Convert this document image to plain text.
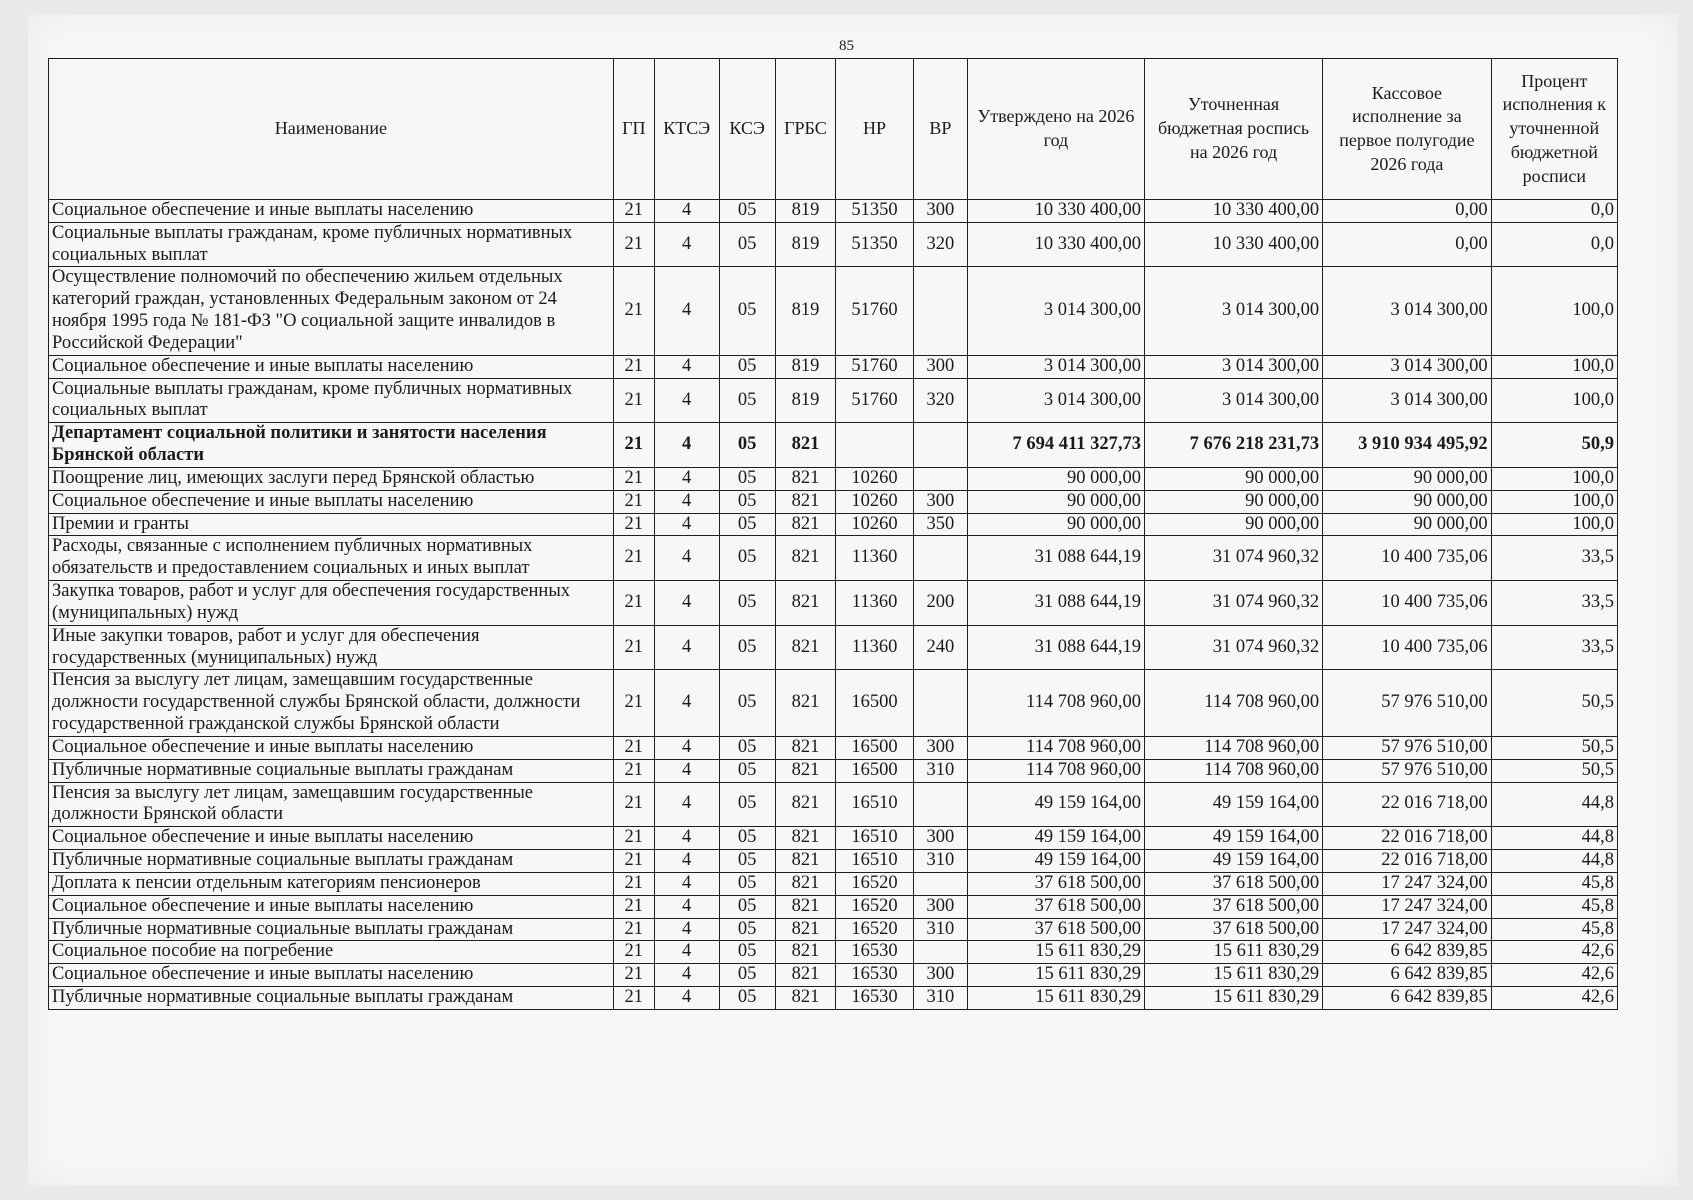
85
Наименование	ГП	КТСЭ	КСЭ	ГРБС	НР	ВР	Утверждено на 2026 год	Уточненная бюджетная роспись на 2026 год	Кассовое исполнение за первое полугодие 2026 года	Процент исполнения к уточненной бюджетной росписи
Социальное обеспечение и иные выплаты населению	21	4	05	819	51350	300	10 330 400,00	10 330 400,00	0,00	0,0
Социальные выплаты гражданам, кроме публичных нормативных социальных выплат	21	4	05	819	51350	320	10 330 400,00	10 330 400,00	0,00	0,0
Осуществление полномочий по обеспечению жильем отдельных категорий граждан, установленных Федеральным законом от 24 ноября 1995 года № 181-ФЗ "О социальной защите инвалидов в Российской Федерации"	21	4	05	819	51760		3 014 300,00	3 014 300,00	3 014 300,00	100,0
Социальное обеспечение и иные выплаты населению	21	4	05	819	51760	300	3 014 300,00	3 014 300,00	3 014 300,00	100,0
Социальные выплаты гражданам, кроме публичных нормативных социальных выплат	21	4	05	819	51760	320	3 014 300,00	3 014 300,00	3 014 300,00	100,0
Департамент социальной политики и занятости населения Брянской области	21	4	05	821			7 694 411 327,73	7 676 218 231,73	3 910 934 495,92	50,9
Поощрение лиц, имеющих заслуги перед Брянской областью	21	4	05	821	10260		90 000,00	90 000,00	90 000,00	100,0
Социальное обеспечение и иные выплаты населению	21	4	05	821	10260	300	90 000,00	90 000,00	90 000,00	100,0
Премии и гранты	21	4	05	821	10260	350	90 000,00	90 000,00	90 000,00	100,0
Расходы, связанные с исполнением публичных нормативных обязательств и предоставлением социальных и иных выплат	21	4	05	821	11360		31 088 644,19	31 074 960,32	10 400 735,06	33,5
Закупка товаров, работ и услуг для обеспечения государственных (муниципальных) нужд	21	4	05	821	11360	200	31 088 644,19	31 074 960,32	10 400 735,06	33,5
Иные закупки товаров, работ и услуг для обеспечения государственных (муниципальных) нужд	21	4	05	821	11360	240	31 088 644,19	31 074 960,32	10 400 735,06	33,5
Пенсия за выслугу лет лицам, замещавшим государственные должности государственной службы Брянской области, должности государственной гражданской службы Брянской области	21	4	05	821	16500		114 708 960,00	114 708 960,00	57 976 510,00	50,5
Социальное обеспечение и иные выплаты населению	21	4	05	821	16500	300	114 708 960,00	114 708 960,00	57 976 510,00	50,5
Публичные нормативные социальные выплаты гражданам	21	4	05	821	16500	310	114 708 960,00	114 708 960,00	57 976 510,00	50,5
Пенсия за выслугу лет лицам, замещавшим государственные должности Брянской области	21	4	05	821	16510		49 159 164,00	49 159 164,00	22 016 718,00	44,8
Социальное обеспечение и иные выплаты населению	21	4	05	821	16510	300	49 159 164,00	49 159 164,00	22 016 718,00	44,8
Публичные нормативные социальные выплаты гражданам	21	4	05	821	16510	310	49 159 164,00	49 159 164,00	22 016 718,00	44,8
Доплата к пенсии отдельным категориям пенсионеров	21	4	05	821	16520		37 618 500,00	37 618 500,00	17 247 324,00	45,8
Социальное обеспечение и иные выплаты населению	21	4	05	821	16520	300	37 618 500,00	37 618 500,00	17 247 324,00	45,8
Публичные нормативные социальные выплаты гражданам	21	4	05	821	16520	310	37 618 500,00	37 618 500,00	17 247 324,00	45,8
Социальное пособие на погребение	21	4	05	821	16530		15 611 830,29	15 611 830,29	6 642 839,85	42,6
Социальное обеспечение и иные выплаты населению	21	4	05	821	16530	300	15 611 830,29	15 611 830,29	6 642 839,85	42,6
Публичные нормативные социальные выплаты гражданам	21	4	05	821	16530	310	15 611 830,29	15 611 830,29	6 642 839,85	42,6
